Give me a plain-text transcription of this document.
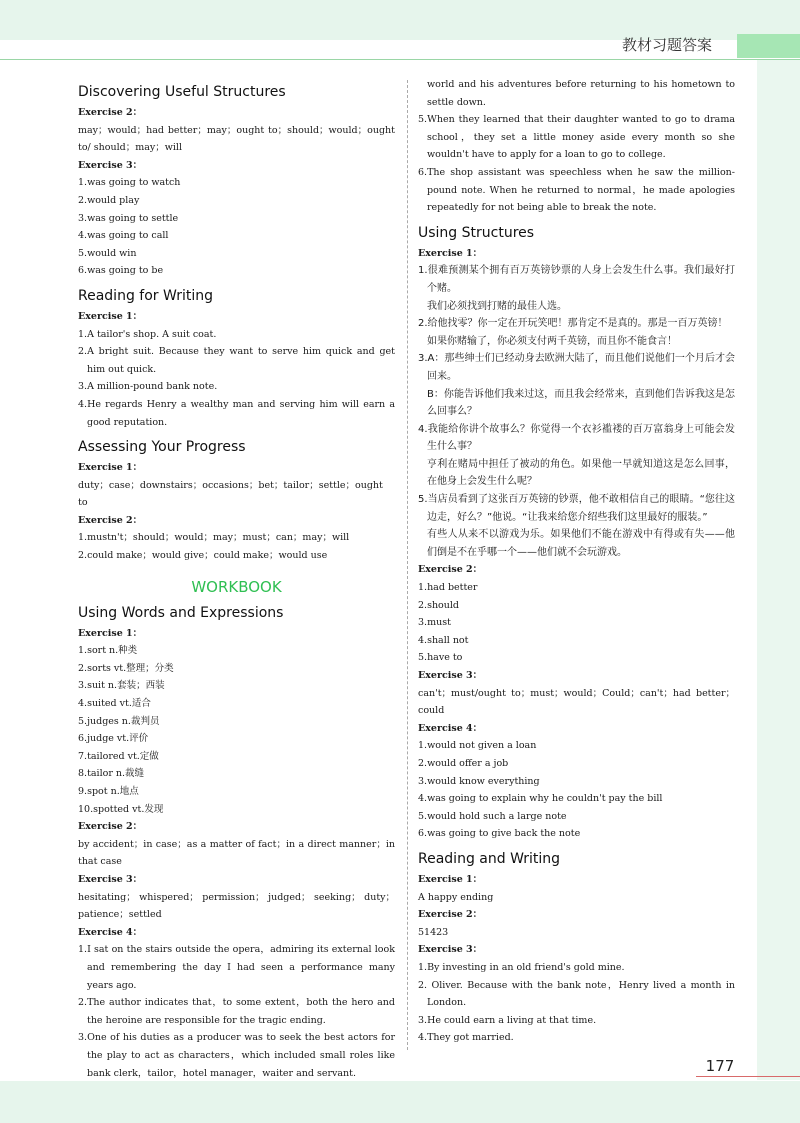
教材习题答案
Discovering Useful Structures

Exercise 2：

may；would；had better；may；ought to；should；would；ought to/ should；may；will

Exercise 3：

1.was going to watch

2.would play

3.was going to settle

4.was going to call

5.would win

6.was going to be

Reading for Writing

Exercise 1：

1.A tailor's shop. A suit coat.

2.A bright suit. Because they want to serve him quick and get him out quick.

3.A million-pound bank note.

4.He regards Henry a wealthy man and serving him will earn a good reputation.

Assessing Your Progress

Exercise 1：

duty；case；downstairs；occasions；bet；tailor；settle；ought to

Exercise 2：

1.mustn't；should；would；may；must；can；may；will

2.could make；would give；could make；would use

WORKBOOK
Using Words and Expressions

Exercise 1：

1.sort n.种类

2.sorts vt.整理；分类

3.suit n.套装；西装

4.suited vt.适合

5.judges n.裁判员

6.judge vt.评价

7.tailored vt.定做

8.tailor n.裁缝

9.spot n.地点

10.spotted vt.发现

Exercise 2：

by accident；in case；as a matter of fact；in a direct manner；in that case

Exercise 3：

hesitating； whispered； permission； judged； seeking； duty； patience；settled

Exercise 4：

1.I sat on the stairs outside the opera，admiring its external look and remembering the day I had seen a performance many years ago.

2.The author indicates that，to some extent，both the hero and the heroine are responsible for the tragic ending.

3.One of his duties as a producer was to seek the best actors for the play to act as characters，which included small roles like bank clerk，tailor，hotel manager，waiter and servant.

world and his adventures before returning to his hometown to settle down.

5.When they learned that their daughter wanted to go to drama school，they set a little money aside every month so she wouldn't have to apply for a loan to go to college.

6.The shop assistant was speechless when he saw the million-pound note. When he returned to normal，he made apologies repeatedly for not being able to break the note.

Using Structures

Exercise 1：

1.很难预测某个拥有百万英镑钞票的人身上会发生什么事。我们最好打个赌。

我们必须找到打赌的最佳人选。

2.给他找零？你一定在开玩笑吧！那肯定不是真的。那是一百万英镑！

如果你赌输了，你必须支付两千英镑，而且你不能食言！

3.A：那些绅士们已经动身去欧洲大陆了，而且他们说他们一个月后才会回来。

B：你能告诉他们我来过这，而且我会经常来，直到他们告诉我这是怎么回事么？

4.我能给你讲个故事么？你觉得一个衣衫褴褛的百万富翁身上可能会发生什么事？

亨利在赌局中担任了被动的角色。如果他一早就知道这是怎么回事，在他身上会发生什么呢？

5.当店员看到了这张百万英镑的钞票，他不敢相信自己的眼睛。“您往这边走，好么？”他说。“让我来给您介绍些我们这里最好的服装。”

有些人从来不以游戏为乐。如果他们不能在游戏中有得或有失——他们倒是不在乎哪一个——他们就不会玩游戏。

Exercise 2：

1.had better

2.should

3.must

4.shall not

5.have to

Exercise 3：

can't；must/ought to；must；would；Could；can't；had better；could

Exercise 4：

1.would not given a loan

2.would offer a job

3.would know everything

4.was going to explain why he couldn't pay the bill

5.would hold such a large note

6.was going to give back the note

Reading and Writing

Exercise 1：

A happy ending

Exercise 2：

51423

Exercise 3：

1.By investing in an old friend's gold mine.

2. Oliver. Because with the bank note，Henry lived a month in London.

3.He could earn a living at that time.

4.They got married.

177
